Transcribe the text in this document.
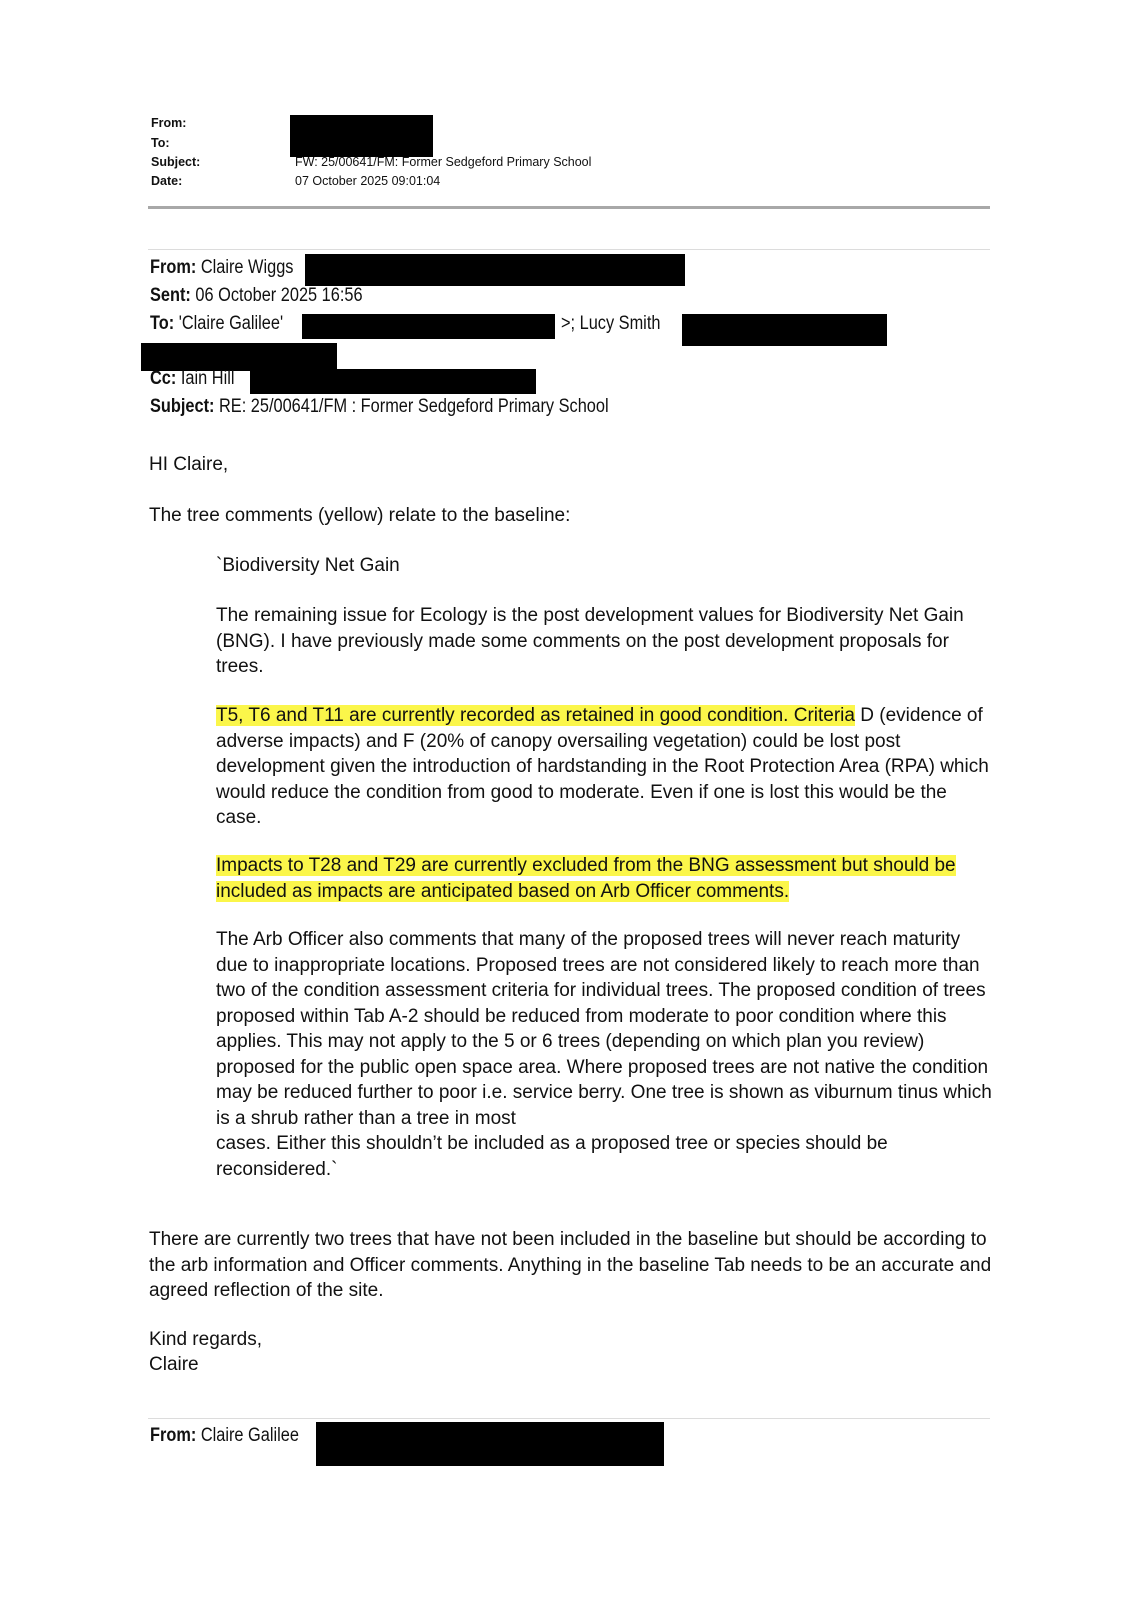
From:
To:
Subject:
Date:
FW: 25/00641/FM: Former Sedgeford Primary School
07 October 2025 09:01:04
From: Claire Wiggs
Sent: 06 October 2025 16:56
To: 'Claire Galilee'	>; Lucy Smith
Cc: Iain Hill
Subject: RE: 25/00641/FM : Former Sedgeford Primary School

HI Claire,

The tree comments (yellow) relate to the baseline:

`Biodiversity Net Gain

The remaining issue for Ecology is the post development values for Biodiversity Net Gain (BNG). I have previously made some comments on the post development proposals for trees.

T5, T6 and T11 are currently recorded as retained in good condition. Criteria D (evidence of adverse impacts) and F (20% of canopy oversailing vegetation) could be lost post development given the introduction of hardstanding in the Root Protection Area (RPA) which would reduce the condition from good to moderate. Even if one is lost this would be the case.

Impacts to T28 and T29 are currently excluded from the BNG assessment but should be included as impacts are anticipated based on Arb Officer comments.

The Arb Officer also comments that many of the proposed trees will never reach maturity due to inappropriate locations. Proposed trees are not considered likely to reach more than two of the condition assessment criteria for individual trees. The proposed condition of trees proposed within Tab A-2 should be reduced from moderate to poor condition where this applies. This may not apply to the 5 or 6 trees (depending on which plan you review) proposed for the public open space area. Where proposed trees are not native the condition may be reduced further to poor i.e. service berry. One tree is shown as viburnum tinus which is a shrub rather than a tree in most
cases. Either this shouldn’t be included as a proposed tree or species should be reconsidered.`

There are currently two trees that have not been included in the baseline but should be according to the arb information and Officer comments. Anything in the baseline Tab needs to be an accurate and agreed reflection of the site.

Kind regards,

Claire

From: Claire Galilee
